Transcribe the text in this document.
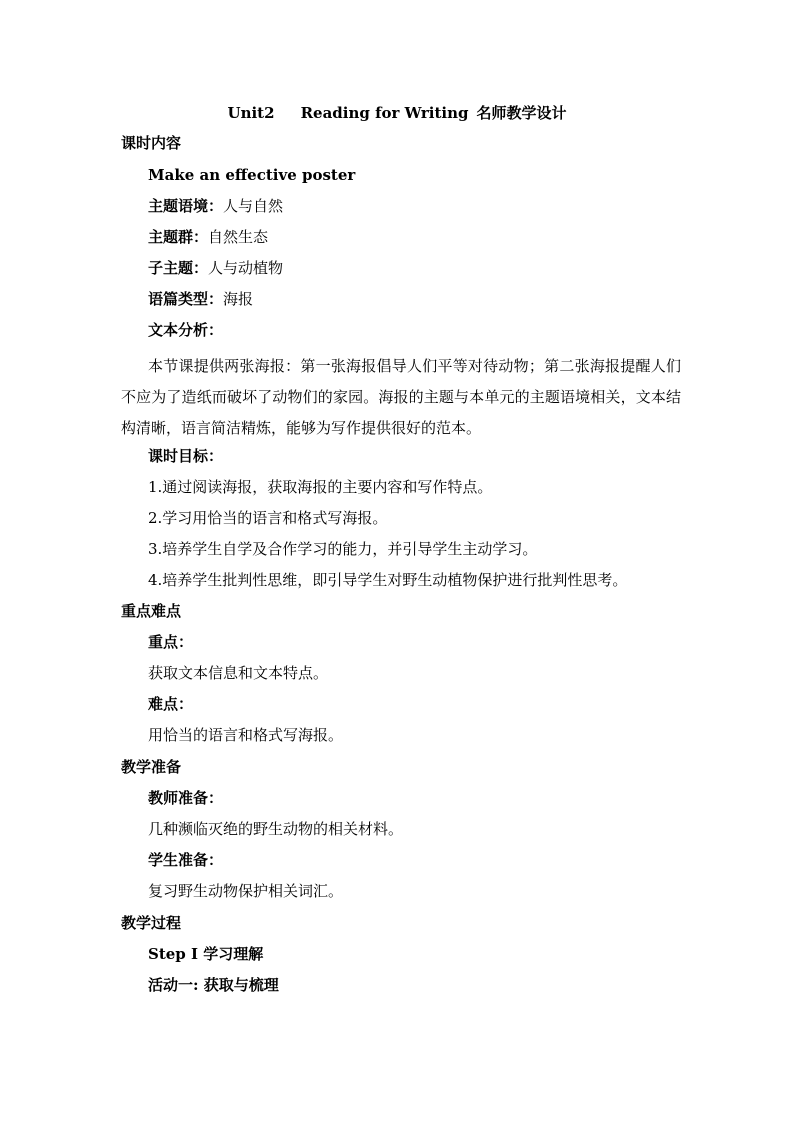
Unit2 Reading for Writing 名师教学设计
课时内容
Make an effective poster
主题语境：人与自然
主题群：自然生态
子主题：人与动植物
语篇类型：海报
文本分析：
本节课提供两张海报：第一张海报倡导人们平等对待动物；第二张海报提醒人们不应为了造纸而破坏了动物们的家园。海报的主题与本单元的主题语境相关，文本结构清晰，语言简洁精炼，能够为写作提供很好的范本。
课时目标：
1.通过阅读海报，获取海报的主要内容和写作特点。
2.学习用恰当的语言和格式写海报。
3.培养学生自学及合作学习的能力，并引导学生主动学习。
4.培养学生批判性思维，即引导学生对野生动植物保护进行批判性思考。
重点难点
重点：
获取文本信息和文本特点。
难点：
用恰当的语言和格式写海报。
教学准备
教师准备：
几种濒临灭绝的野生动物的相关材料。
学生准备：
复习野生动物保护相关词汇。
教学过程
Step I 学习理解
活动一: 获取与梳理
